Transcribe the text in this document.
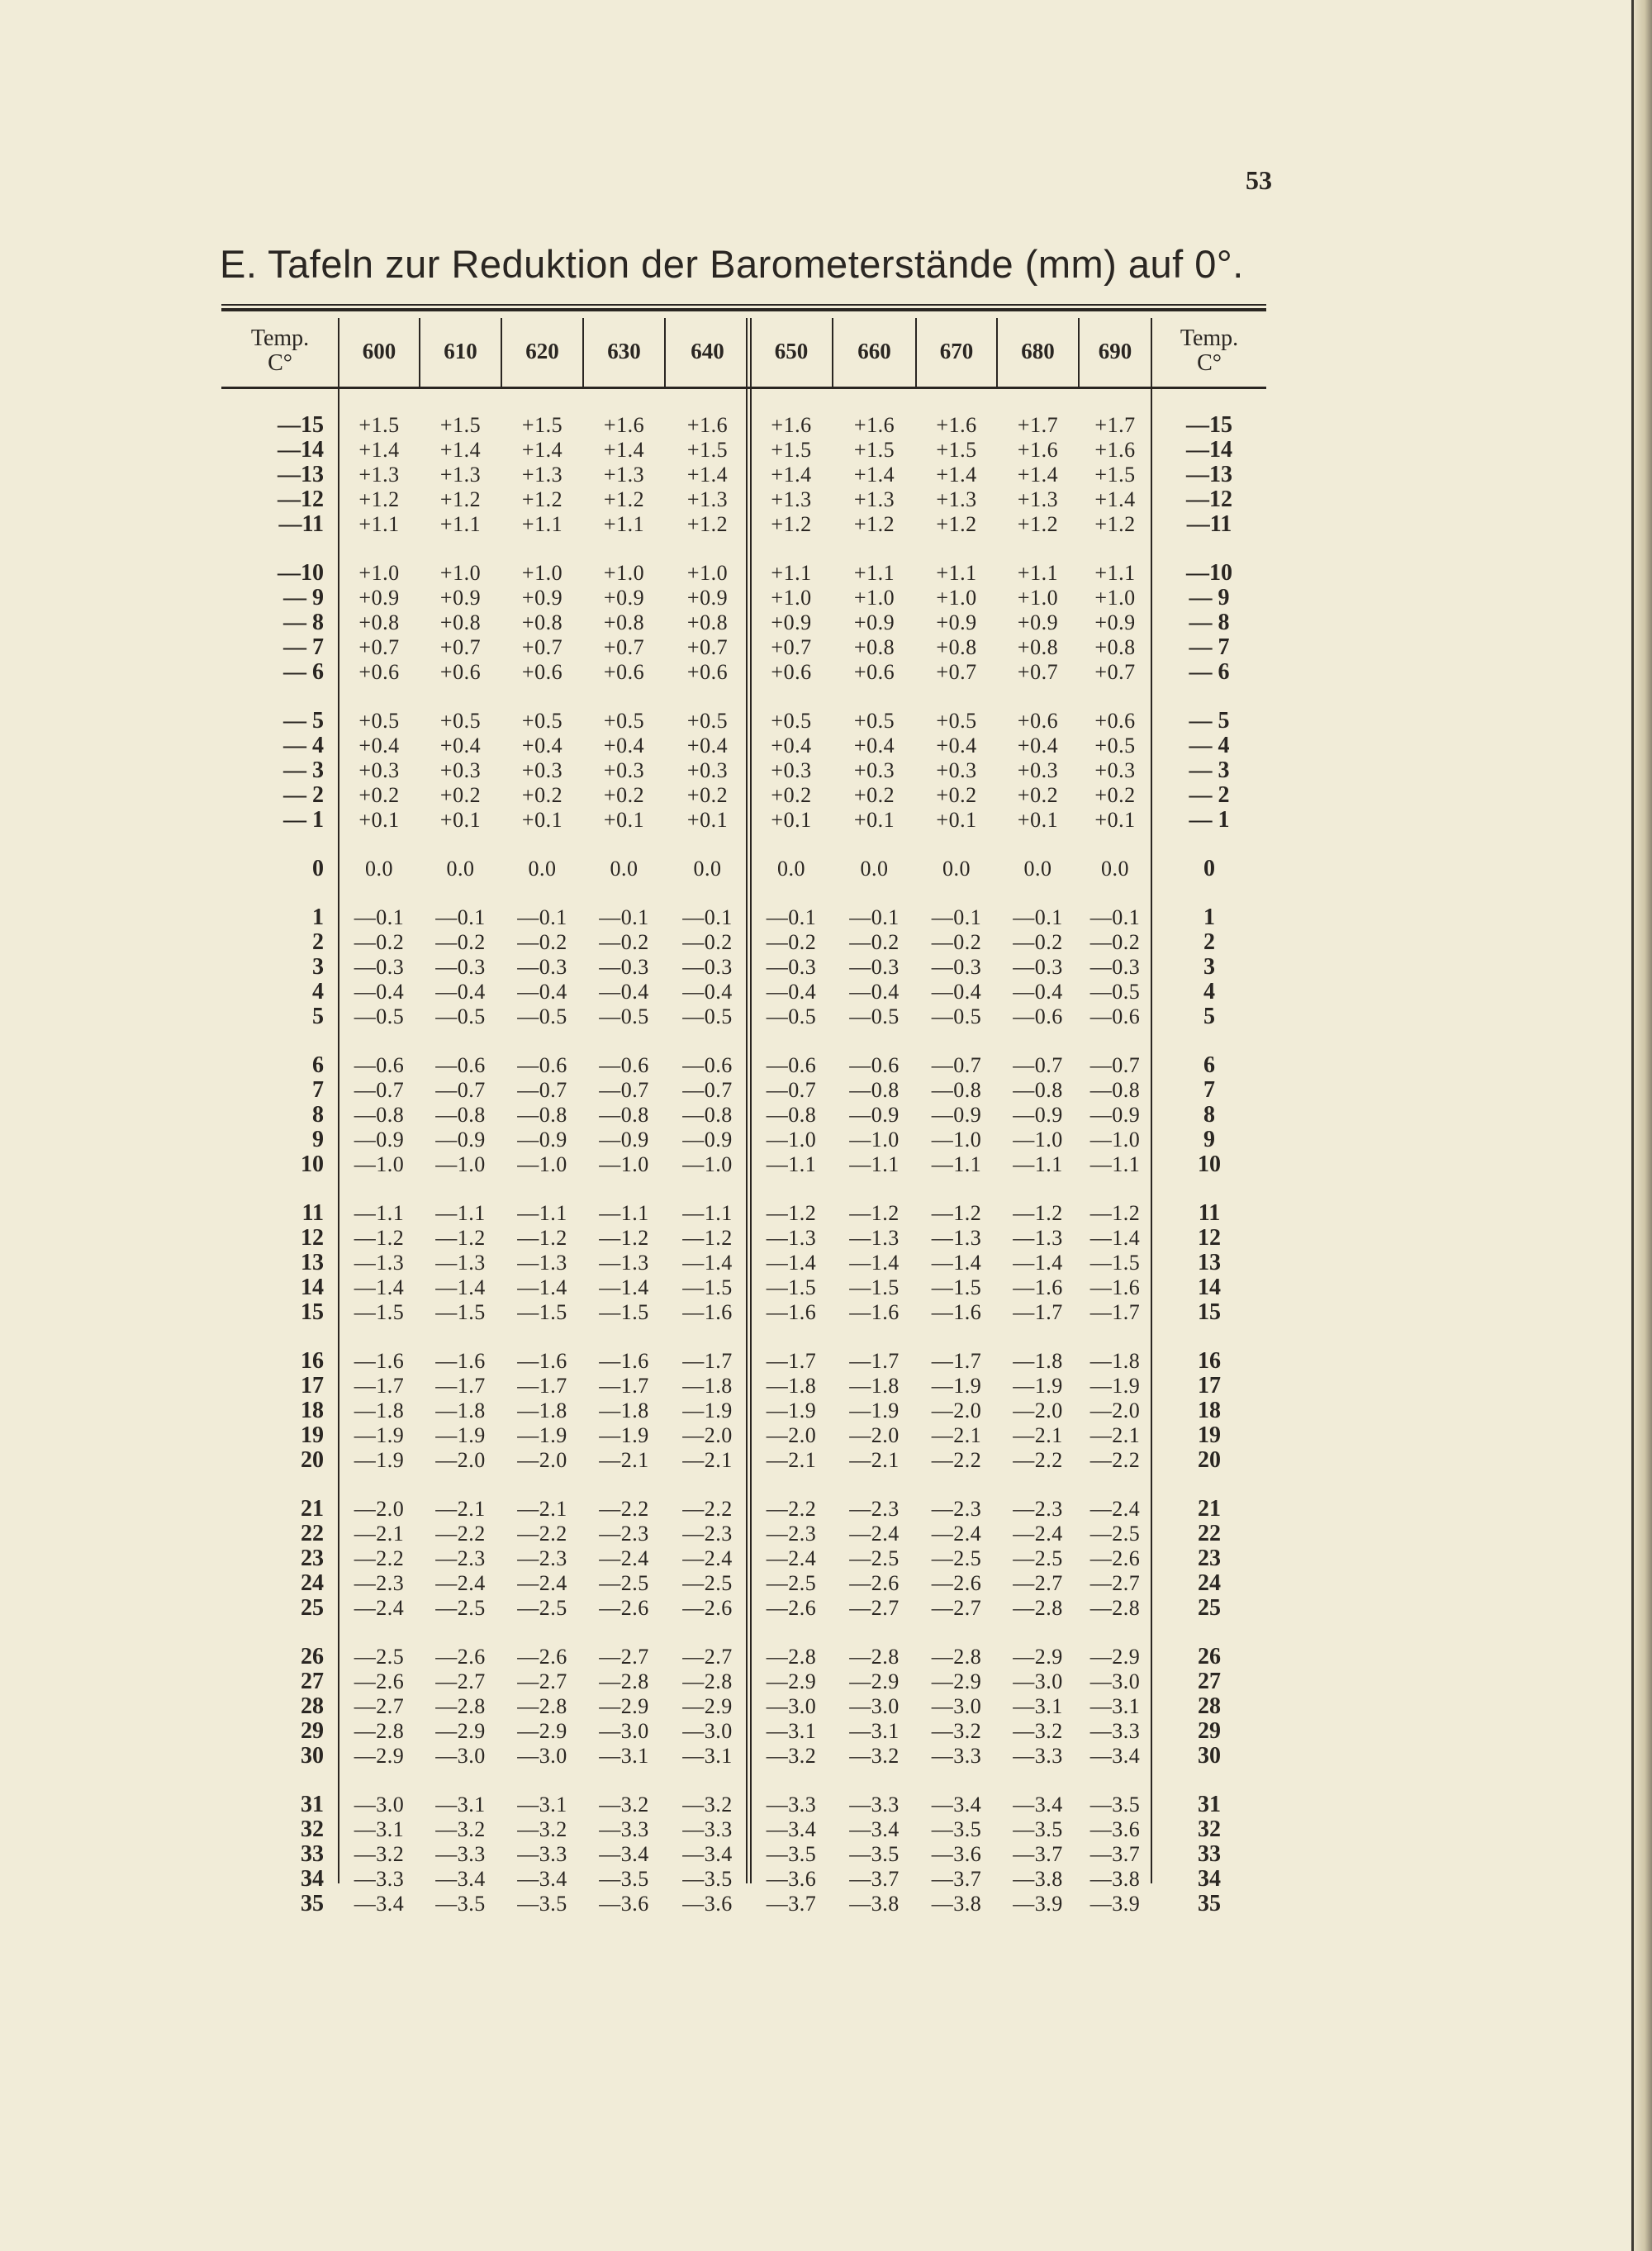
53
E. Tafeln zur Reduktion der Barometerstände (mm) auf 0°.
Temp.
C°	600	610	620	630	640	650	660	670	680	690	Temp.
C°
—15	+1.5	+1.5	+1.5	+1.6	+1.6	+1.6	+1.6	+1.6	+1.7	+1.7	—15
—14	+1.4	+1.4	+1.4	+1.4	+1.5	+1.5	+1.5	+1.5	+1.6	+1.6	—14
—13	+1.3	+1.3	+1.3	+1.3	+1.4	+1.4	+1.4	+1.4	+1.4	+1.5	—13
—12	+1.2	+1.2	+1.2	+1.2	+1.3	+1.3	+1.3	+1.3	+1.3	+1.4	—12
—11	+1.1	+1.1	+1.1	+1.1	+1.2	+1.2	+1.2	+1.2	+1.2	+1.2	—11

—10	+1.0	+1.0	+1.0	+1.0	+1.0	+1.1	+1.1	+1.1	+1.1	+1.1	—10
— 9	+0.9	+0.9	+0.9	+0.9	+0.9	+1.0	+1.0	+1.0	+1.0	+1.0	— 9
— 8	+0.8	+0.8	+0.8	+0.8	+0.8	+0.9	+0.9	+0.9	+0.9	+0.9	— 8
— 7	+0.7	+0.7	+0.7	+0.7	+0.7	+0.7	+0.8	+0.8	+0.8	+0.8	— 7
— 6	+0.6	+0.6	+0.6	+0.6	+0.6	+0.6	+0.6	+0.7	+0.7	+0.7	— 6

— 5	+0.5	+0.5	+0.5	+0.5	+0.5	+0.5	+0.5	+0.5	+0.6	+0.6	— 5
— 4	+0.4	+0.4	+0.4	+0.4	+0.4	+0.4	+0.4	+0.4	+0.4	+0.5	— 4
— 3	+0.3	+0.3	+0.3	+0.3	+0.3	+0.3	+0.3	+0.3	+0.3	+0.3	— 3
— 2	+0.2	+0.2	+0.2	+0.2	+0.2	+0.2	+0.2	+0.2	+0.2	+0.2	— 2
— 1	+0.1	+0.1	+0.1	+0.1	+0.1	+0.1	+0.1	+0.1	+0.1	+0.1	— 1

0	0.0	0.0	0.0	0.0	0.0	0.0	0.0	0.0	0.0	0.0	0

1	—0.1	—0.1	—0.1	—0.1	—0.1	—0.1	—0.1	—0.1	—0.1	—0.1	1
2	—0.2	—0.2	—0.2	—0.2	—0.2	—0.2	—0.2	—0.2	—0.2	—0.2	2
3	—0.3	—0.3	—0.3	—0.3	—0.3	—0.3	—0.3	—0.3	—0.3	—0.3	3
4	—0.4	—0.4	—0.4	—0.4	—0.4	—0.4	—0.4	—0.4	—0.4	—0.5	4
5	—0.5	—0.5	—0.5	—0.5	—0.5	—0.5	—0.5	—0.5	—0.6	—0.6	5

6	—0.6	—0.6	—0.6	—0.6	—0.6	—0.6	—0.6	—0.7	—0.7	—0.7	6
7	—0.7	—0.7	—0.7	—0.7	—0.7	—0.7	—0.8	—0.8	—0.8	—0.8	7
8	—0.8	—0.8	—0.8	—0.8	—0.8	—0.8	—0.9	—0.9	—0.9	—0.9	8
9	—0.9	—0.9	—0.9	—0.9	—0.9	—1.0	—1.0	—1.0	—1.0	—1.0	9
10	—1.0	—1.0	—1.0	—1.0	—1.0	—1.1	—1.1	—1.1	—1.1	—1.1	10

11	—1.1	—1.1	—1.1	—1.1	—1.1	—1.2	—1.2	—1.2	—1.2	—1.2	11
12	—1.2	—1.2	—1.2	—1.2	—1.2	—1.3	—1.3	—1.3	—1.3	—1.4	12
13	—1.3	—1.3	—1.3	—1.3	—1.4	—1.4	—1.4	—1.4	—1.4	—1.5	13
14	—1.4	—1.4	—1.4	—1.4	—1.5	—1.5	—1.5	—1.5	—1.6	—1.6	14
15	—1.5	—1.5	—1.5	—1.5	—1.6	—1.6	—1.6	—1.6	—1.7	—1.7	15

16	—1.6	—1.6	—1.6	—1.6	—1.7	—1.7	—1.7	—1.7	—1.8	—1.8	16
17	—1.7	—1.7	—1.7	—1.7	—1.8	—1.8	—1.8	—1.9	—1.9	—1.9	17
18	—1.8	—1.8	—1.8	—1.8	—1.9	—1.9	—1.9	—2.0	—2.0	—2.0	18
19	—1.9	—1.9	—1.9	—1.9	—2.0	—2.0	—2.0	—2.1	—2.1	—2.1	19
20	—1.9	—2.0	—2.0	—2.1	—2.1	—2.1	—2.1	—2.2	—2.2	—2.2	20

21	—2.0	—2.1	—2.1	—2.2	—2.2	—2.2	—2.3	—2.3	—2.3	—2.4	21
22	—2.1	—2.2	—2.2	—2.3	—2.3	—2.3	—2.4	—2.4	—2.4	—2.5	22
23	—2.2	—2.3	—2.3	—2.4	—2.4	—2.4	—2.5	—2.5	—2.5	—2.6	23
24	—2.3	—2.4	—2.4	—2.5	—2.5	—2.5	—2.6	—2.6	—2.7	—2.7	24
25	—2.4	—2.5	—2.5	—2.6	—2.6	—2.6	—2.7	—2.7	—2.8	—2.8	25

26	—2.5	—2.6	—2.6	—2.7	—2.7	—2.8	—2.8	—2.8	—2.9	—2.9	26
27	—2.6	—2.7	—2.7	—2.8	—2.8	—2.9	—2.9	—2.9	—3.0	—3.0	27
28	—2.7	—2.8	—2.8	—2.9	—2.9	—3.0	—3.0	—3.0	—3.1	—3.1	28
29	—2.8	—2.9	—2.9	—3.0	—3.0	—3.1	—3.1	—3.2	—3.2	—3.3	29
30	—2.9	—3.0	—3.0	—3.1	—3.1	—3.2	—3.2	—3.3	—3.3	—3.4	30

31	—3.0	—3.1	—3.1	—3.2	—3.2	—3.3	—3.3	—3.4	—3.4	—3.5	31
32	—3.1	—3.2	—3.2	—3.3	—3.3	—3.4	—3.4	—3.5	—3.5	—3.6	32
33	—3.2	—3.3	—3.3	—3.4	—3.4	—3.5	—3.5	—3.6	—3.7	—3.7	33
34	—3.3	—3.4	—3.4	—3.5	—3.5	—3.6	—3.7	—3.7	—3.8	—3.8	34
35	—3.4	—3.5	—3.5	—3.6	—3.6	—3.7	—3.8	—3.8	—3.9	—3.9	35
